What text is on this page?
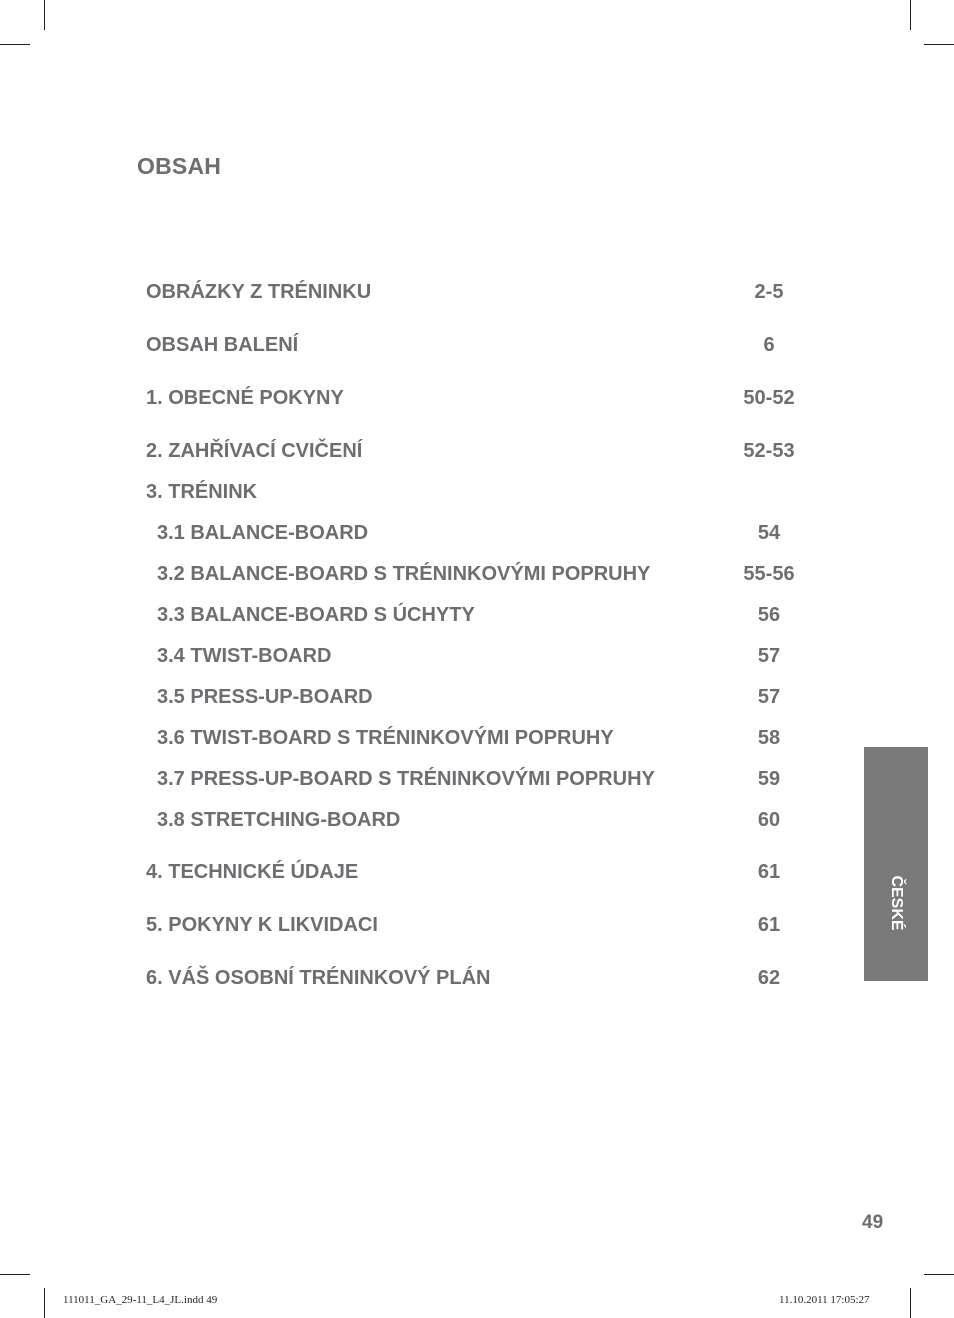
OBSAH
OBRÁZKY Z TRÉNINKU	2-5
OBSAH BALENÍ	6
1. OBECNÉ POKYNY	50-52
2. ZAHŘÍVACÍ CVIČENÍ	52-53
3. TRÉNINK
3.1 BALANCE-BOARD	54
3.2 BALANCE-BOARD S TRÉNINKOVÝMI POPRUHY	55-56
3.3 BALANCE-BOARD S ÚCHYTY	56
3.4 TWIST-BOARD	57
3.5 PRESS-UP-BOARD	57
3.6 TWIST-BOARD S TRÉNINKOVÝMI POPRUHY	58
3.7 PRESS-UP-BOARD S TRÉNINKOVÝMI POPRUHY	59
3.8 STRETCHING-BOARD	60
4. TECHNICKÉ ÚDAJE	61
5. POKYNY K LIKVIDACI	61
6. VÁŠ OSOBNÍ TRÉNINKOVÝ PLÁN	62
ČESKÉ
49
111011_GA_29-11_L4_JL.indd 49	11.10.2011 17:05:27
